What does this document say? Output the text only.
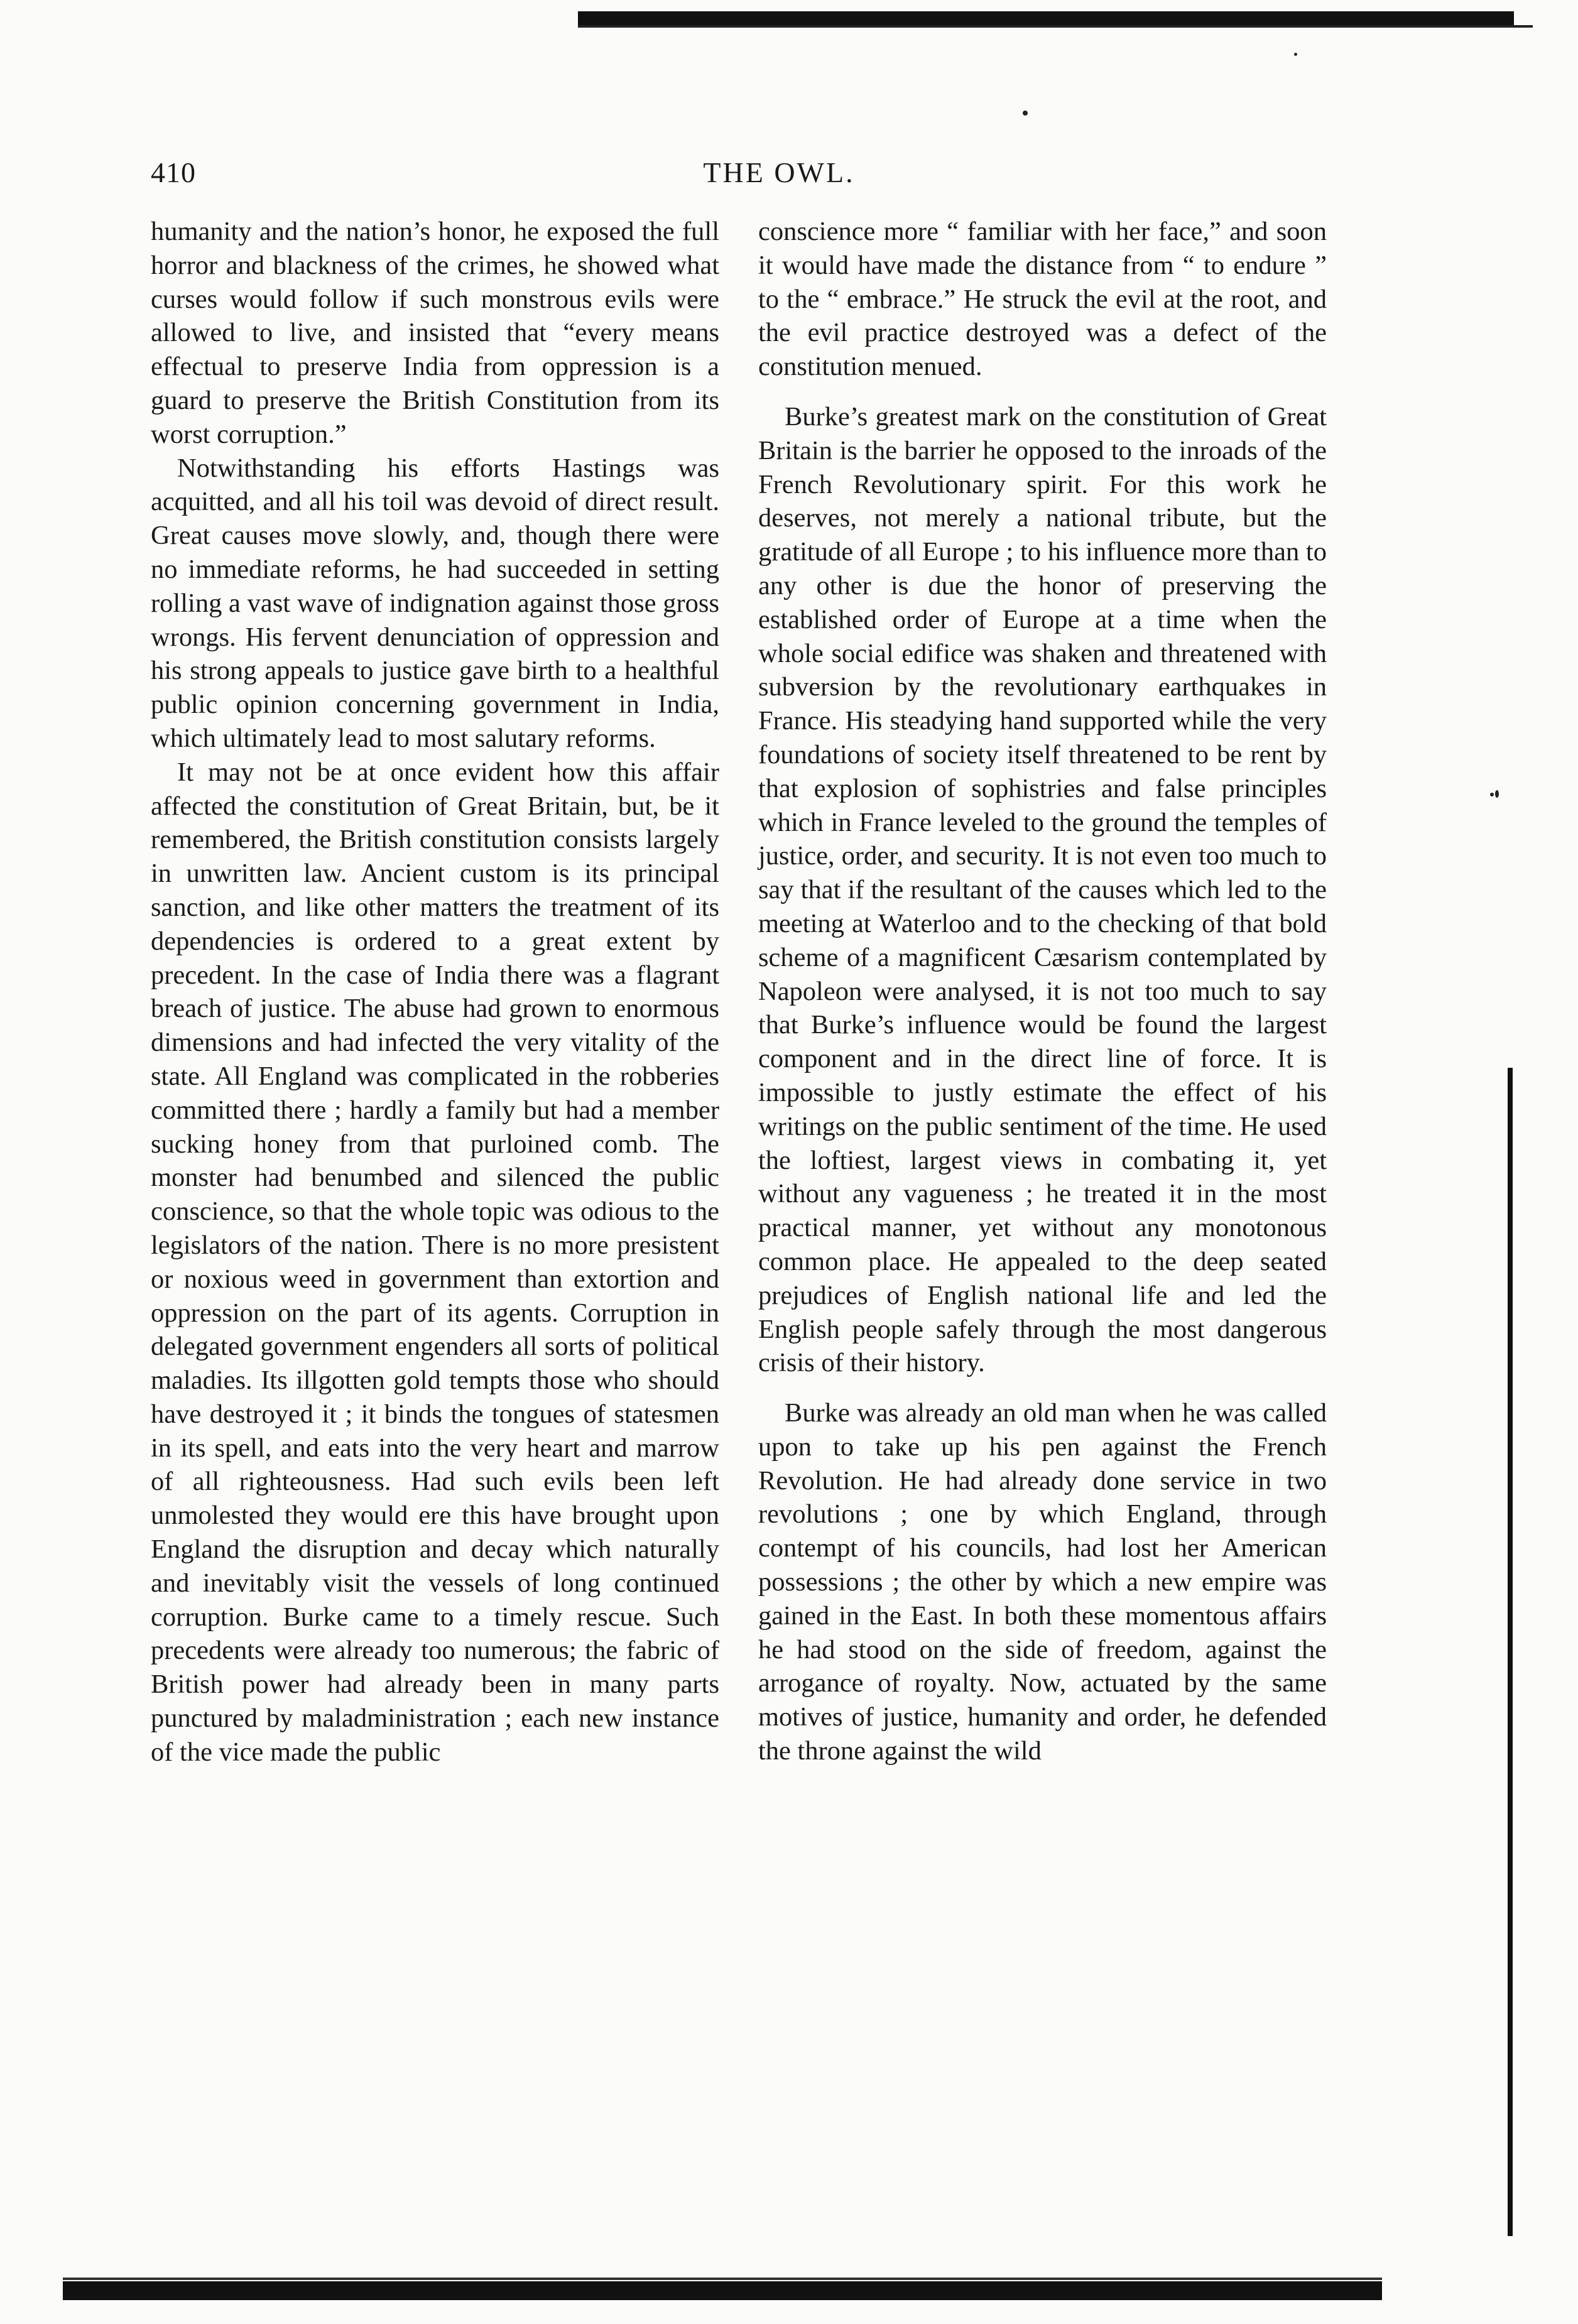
410	THE OWL.

humanity and the nation’s honor, he exposed the full horror and blackness of the crimes, he showed what curses would follow if such monstrous evils were allowed to live, and insisted that “every means effectual to preserve India from oppression is a guard to preserve the British Constitution from its worst corruption.”

Notwithstanding his efforts Hastings was acquitted, and all his toil was devoid of direct result. Great causes move slowly, and, though there were no immediate reforms, he had succeeded in setting rolling a vast wave of indignation against those gross wrongs. His fervent denunciation of oppression and his strong appeals to justice gave birth to a healthful public opinion concerning government in India, which ultimately lead to most salutary reforms.

It may not be at once evident how this affair affected the constitution of Great Britain, but, be it remembered, the British constitution consists largely in unwritten law. Ancient custom is its principal sanction, and like other matters the treatment of its dependencies is ordered to a great extent by precedent. In the case of India there was a flagrant breach of justice. The abuse had grown to enormous dimensions and had infected the very vitality of the state. All England was complicated in the robberies committed there ; hardly a family but had a member sucking honey from that purloined comb. The monster had benumbed and silenced the public conscience, so that the whole topic was odious to the legislators of the nation. There is no more presistent or noxious weed in government than extortion and oppression on the part of its agents. Corruption in delegated government engenders all sorts of political maladies. Its illgotten gold tempts those who should have destroyed it ; it binds the tongues of statesmen in its spell, and eats into the very heart and marrow of all righteousness. Had such evils been left unmolested they would ere this have brought upon England the disruption and decay which naturally and inevitably visit the vessels of long continued corruption. Burke came to a timely rescue. Such precedents were already too numerous; the fabric of British power had already been in many parts punctured by maladministration ; each new instance of the vice made the public

conscience more “ familiar with her face,” and soon it would have made the distance from “ to endure ” to the “ embrace.” He struck the evil at the root, and the evil practice destroyed was a defect of the constitution menued.

Burke’s greatest mark on the constitution of Great Britain is the barrier he opposed to the inroads of the French Revolutionary spirit. For this work he deserves, not merely a national tribute, but the gratitude of all Europe ; to his influence more than to any other is due the honor of preserving the established order of Europe at a time when the whole social edifice was shaken and threatened with subversion by the revolutionary earthquakes in France. His steadying hand supported while the very foundations of society itself threatened to be rent by that explosion of sophistries and false principles which in France leveled to the ground the temples of justice, order, and security. It is not even too much to say that if the resultant of the causes which led to the meeting at Waterloo and to the checking of that bold scheme of a magnificent Cæsarism contemplated by Napoleon were analysed, it is not too much to say that Burke’s influence would be found the largest component and in the direct line of force. It is impossible to justly estimate the effect of his writings on the public sentiment of the time. He used the loftiest, largest views in combating it, yet without any vagueness ; he treated it in the most practical manner, yet without any monotonous common place. He appealed to the deep seated prejudices of English national life and led the English people safely through the most dangerous crisis of their history.

Burke was already an old man when he was called upon to take up his pen against the French Revolution. He had already done service in two revolutions ; one by which England, through contempt of his councils, had lost her American possessions ; the other by which a new empire was gained in the East. In both these momentous affairs he had stood on the side of freedom, against the arrogance of royalty. Now, actuated by the same motives of justice, humanity and order, he defended the throne against the wild
